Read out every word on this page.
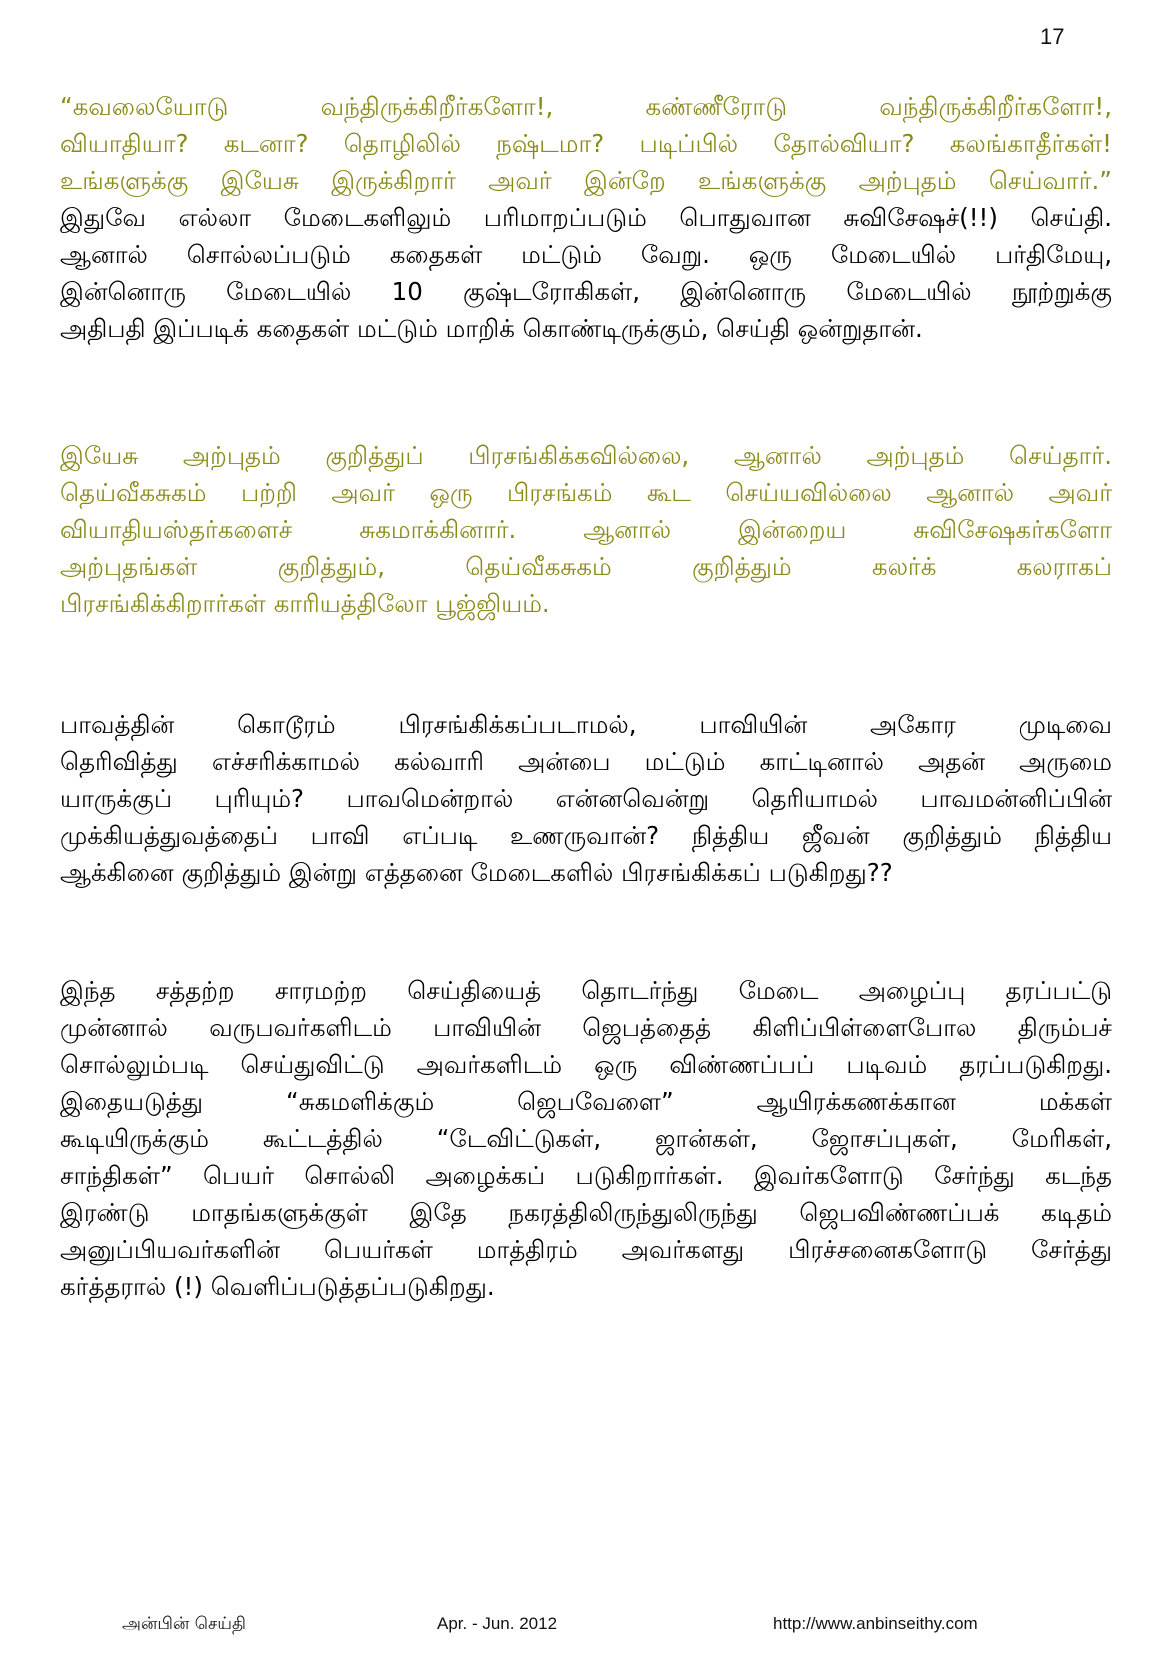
17
“கவலையோடு வந்திருக்கிறீர்களோ!, கண்ணீரோடு வந்திருக்கிறீர்களோ!,
வியாதியா? கடனா? தொழிலில் நஷ்டமா? படிப்பில் தோல்வியா? கலங்காதீர்கள்!
உங்களுக்கு இயேசு இருக்கிறார் அவர் இன்றே உங்களுக்கு அற்புதம் செய்வார்.”
இதுவே எல்லா மேடைகளிலும் பரிமாறப்படும் பொதுவான சுவிசேஷச்(!!) செய்தி.
ஆனால் சொல்லப்படும் கதைகள் மட்டும் வேறு. ஒரு மேடையில் பர்திமேயு,
இன்னொரு மேடையில் 10 குஷ்டரோகிகள், இன்னொரு மேடையில் நூற்றுக்கு
அதிபதி இப்படிக் கதைகள் மட்டும் மாறிக் கொண்டிருக்கும், செய்தி ஒன்றுதான்.
இயேசு அற்புதம் குறித்துப் பிரசங்கிக்கவில்லை, ஆனால் அற்புதம் செய்தார்.
தெய்வீகசுகம் பற்றி அவர் ஒரு பிரசங்கம் கூட செய்யவில்லை ஆனால் அவர்
வியாதியஸ்தர்களைச் சுகமாக்கினார். ஆனால் இன்றைய சுவிசேஷகர்களோ
அற்புதங்கள் குறித்தும், தெய்வீகசுகம் குறித்தும் கலர்க் கலராகப்
பிரசங்கிக்கிறார்கள் காரியத்திலோ பூஜ்ஜியம்.
பாவத்தின் கொடூரம் பிரசங்கிக்கப்படாமல், பாவியின் அகோர முடிவை
தெரிவித்து எச்சரிக்காமல் கல்வாரி அன்பை மட்டும் காட்டினால் அதன் அருமை
யாருக்குப் புரியும்? பாவமென்றால் என்னவென்று தெரியாமல் பாவமன்னிப்பின்
முக்கியத்துவத்தைப் பாவி எப்படி உணருவான்? நித்திய ஜீவன் குறித்தும் நித்திய
ஆக்கினை குறித்தும் இன்று எத்தனை மேடைகளில் பிரசங்கிக்கப் படுகிறது??
இந்த சத்தற்ற சாரமற்ற செய்தியைத் தொடர்ந்து மேடை அழைப்பு தரப்பட்டு
முன்னால் வருபவர்களிடம் பாவியின் ஜெபத்தைத் கிளிப்பிள்ளைபோல திரும்பச்
சொல்லும்படி செய்துவிட்டு அவர்களிடம் ஒரு விண்ணப்பப் படிவம் தரப்படுகிறது.
இதையடுத்து “சுகமளிக்கும் ஜெபவேளை” ஆயிரக்கணக்கான மக்கள்
கூடியிருக்கும் கூட்டத்தில் “டேவிட்டுகள், ஜான்கள், ஜோசப்புகள், மேரிகள்,
சாந்திகள்” பெயர் சொல்லி அழைக்கப் படுகிறார்கள். இவர்களோடு சேர்ந்து கடந்த
இரண்டு மாதங்களுக்குள் இதே நகரத்திலிருந்துலிருந்து ஜெபவிண்ணப்பக் கடிதம்
அனுப்பியவர்களின் பெயர்கள் மாத்திரம் அவர்களது பிரச்சனைகளோடு சேர்த்து
கர்த்தரால் (!) வெளிப்படுத்தப்படுகிறது.
அன்பின் செய்தி	Apr. - Jun. 2012	http://www.anbinseithy.com
